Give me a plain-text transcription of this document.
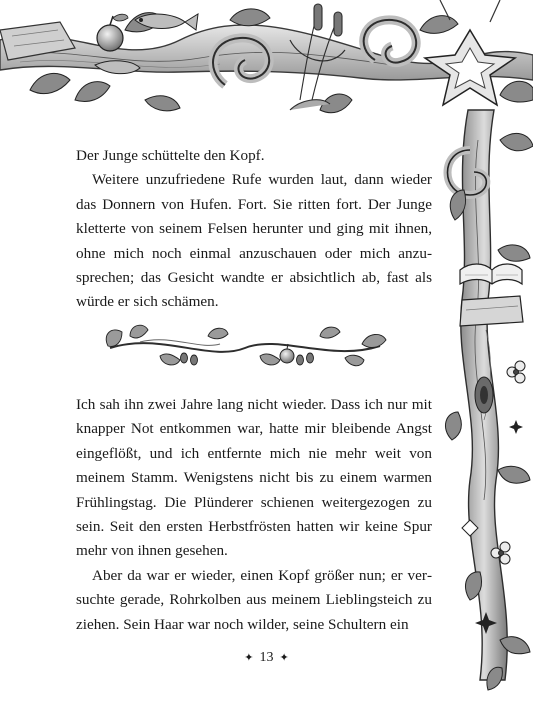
Der Junge schüttelte den Kopf.

Weitere unzufriedene Rufe wurden laut, dann wieder das Donnern von Hufen. Fort. Sie ritten fort. Der Junge kletterte von seinem Felsen herunter und ging mit ihnen, ohne mich noch einmal anzuschauen oder mich anzusprechen; das Gesicht wandte er absichtlich ab, fast als würde er sich schämen.

Ich sah ihn zwei Jahre lang nicht wieder. Dass ich nur mit knapper Not entkommen war, hatte mir bleibende Angst eingeflößt, und ich entfernte mich nie mehr weit von meinem Stamm. Wenigstens nicht bis zu einem warmen Frühlingstag. Die Plünderer schienen weitergezogen zu sein. Seit den ersten Herbstfrösten hatten wir keine Spur mehr von ihnen gesehen.

Aber da war er wieder, einen Kopf größer nun; er versuchte gerade, Rohrkolben aus meinem Lieblingsteich zu ziehen. Sein Haar war noch wilder, seine Schultern ein

✦ 13 ✦
